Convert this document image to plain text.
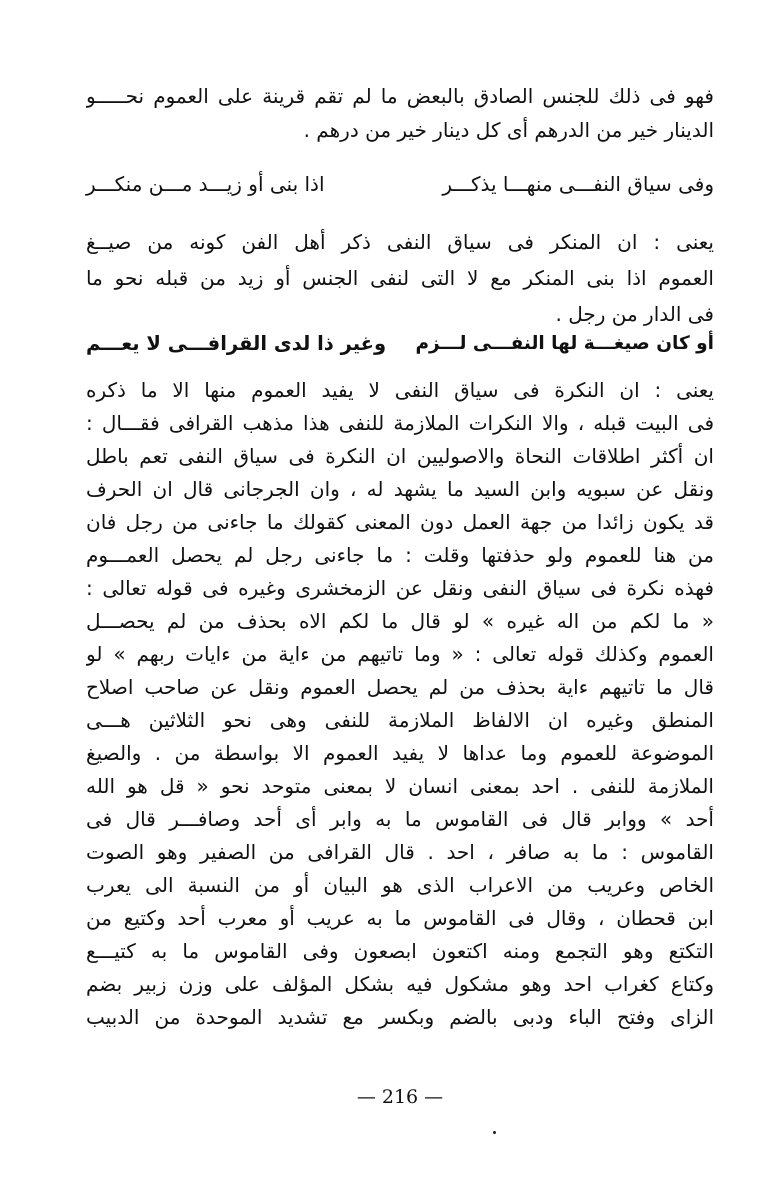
فهو فى ذلك للجنس الصادق بالبعض ما لم تقم قرينة على العموم نحـــــو
الدينار خير من الدرهم أى كل دينار خير من درهم .
وفى سياق النفـــى منهـــا يذكـــر
اذا بنى أو زيـــد مـــن منكـــر
يعنى : ان المنكر فى سياق النفى ذكر أهل الفن كونه من صيــغ
العموم اذا بنى المنكر مع لا التى لنفى الجنس أو زيد من قبله نحو ما
فى الدار من رجل .
أو كان صيغـــة لها النفـــى لـــزم
وغير ذا لدى القرافـــى لا يعـــم
يعنى : ان النكرة فى سياق النفى لا يفيد العموم منها الا ما ذكره
فى البيت قبله ، والا النكرات الملازمة للنفى هذا مذهب القرافى فقـــال :
ان أكثر اطلاقات النحاة والاصوليين ان النكرة فى سياق النفى تعم باطل
ونقل عن سبويه وابن السيد ما يشهد له ، وان الجرجانى قال ان الحرف
قد يكون زائدا من جهة العمل دون المعنى كقولك ما جاءنى من رجل فان
من هنا للعموم ولو حذفتها وقلت : ما جاءنى رجل لم يحصل العمـــوم
فهذه نكرة فى سياق النفى ونقل عن الزمخشرى وغيره فى قوله تعالى :
« ما لكم من اله غيره » لو قال ما لكم الاه بحذف من لم يحصـــل
العموم وكذلك قوله تعالى : « وما تاتيهم من ءاية من ءايات ربهم » لو
قال ما تاتيهم ءاية بحذف من لم يحصل العموم ونقل عن صاحب اصلاح
المنطق وغيره ان الالفاظ الملازمة للنفى وهى نحو الثلاثين هـــى
الموضوعة للعموم وما عداها لا يفيد العموم الا بواسطة من . والصيغ
الملازمة للنفى . احد بمعنى انسان لا بمعنى متوحد نحو « قل هو الله
أحد » ووابر قال فى القاموس ما به وابر أى أحد وصافـــر قال فى
القاموس : ما به صافر ، احد . قال القرافى من الصفير وهو الصوت
الخاص وعريب من الاعراب الذى هو البيان أو من النسبة الى يعرب
ابن قحطان ، وقال فى القاموس ما به عريب أو معرب أحد وكتيع من
التكتع وهو التجمع ومنه اكتعون ابصعون وفى القاموس ما به كتيـــع
وكتاع كغراب احد وهو مشكول فيه بشكل المؤلف على وزن زبير بضم
الزاى وفتح الباء ودبى بالضم وبكسر مع تشديد الموحدة من الدبيب
— 216 —
